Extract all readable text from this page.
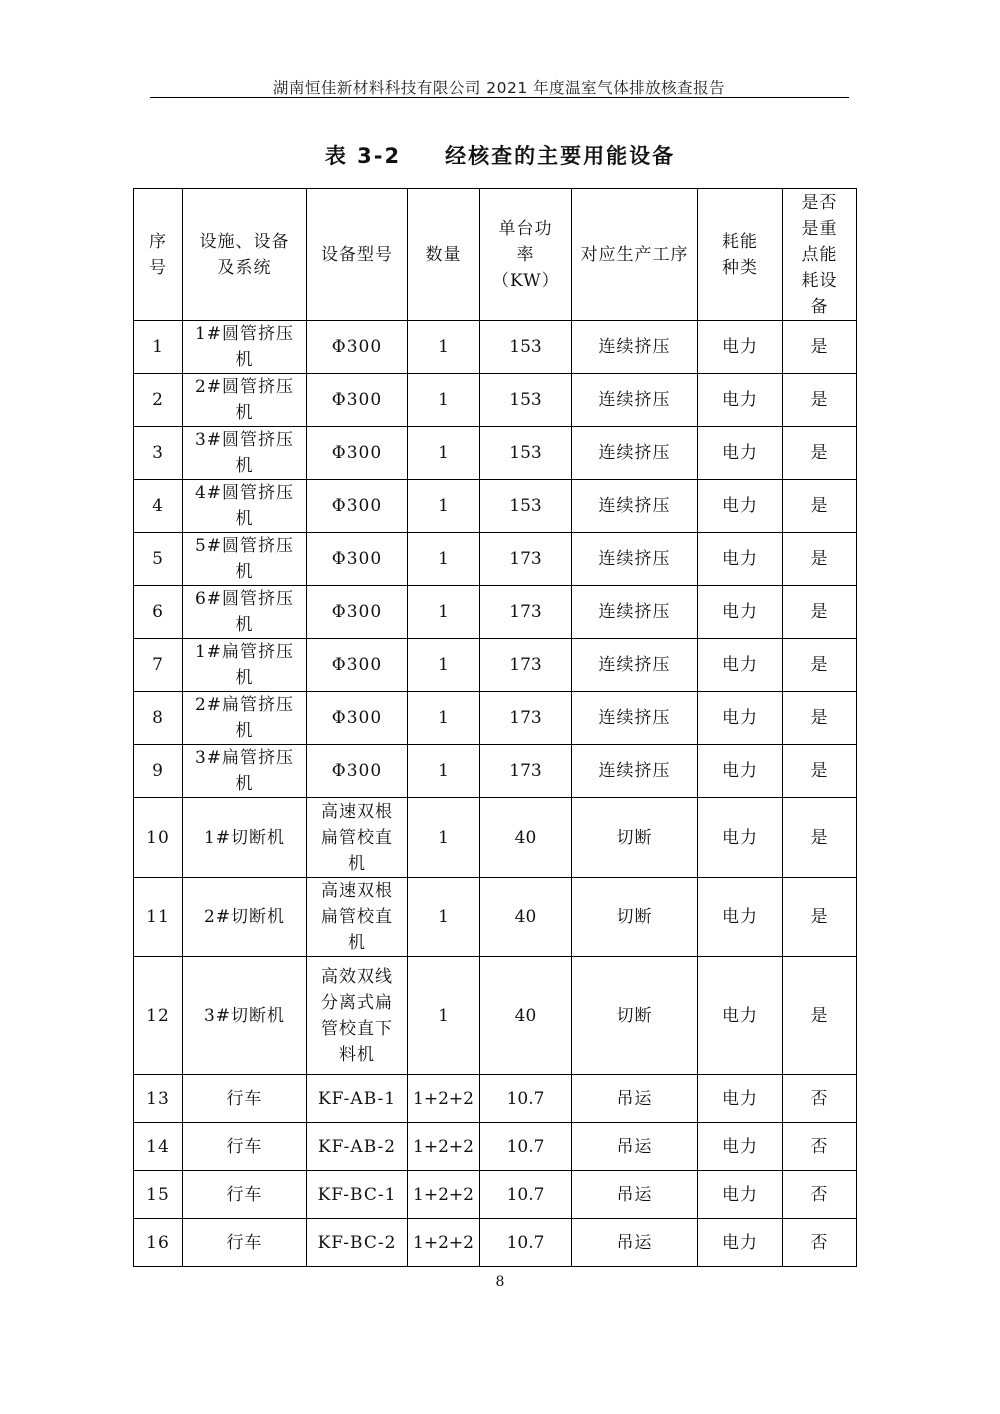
湖南恒佳新材料科技有限公司 2021 年度温室气体排放核查报告
表 3-2 经核查的主要用能设备
序号	设施、设备及系统	设备型号	数量	单台功率（KW）	对应生产工序	耗能种类	是否是重点能耗设备
1	1#圆管挤压机	Φ300	1	153	连续挤压	电力	是
2	2#圆管挤压机	Φ300	1	153	连续挤压	电力	是
3	3#圆管挤压机	Φ300	1	153	连续挤压	电力	是
4	4#圆管挤压机	Φ300	1	153	连续挤压	电力	是
5	5#圆管挤压机	Φ300	1	173	连续挤压	电力	是
6	6#圆管挤压机	Φ300	1	173	连续挤压	电力	是
7	1#扁管挤压机	Φ300	1	173	连续挤压	电力	是
8	2#扁管挤压机	Φ300	1	173	连续挤压	电力	是
9	3#扁管挤压机	Φ300	1	173	连续挤压	电力	是
10	1#切断机	高速双根扁管校直机	1	40	切断	电力	是
11	2#切断机	高速双根扁管校直机	1	40	切断	电力	是
12	3#切断机	高效双线分离式扁管校直下料机	1	40	切断	电力	是
13	行车	KF-AB-1	1+2+2	10.7	吊运	电力	否
14	行车	KF-AB-2	1+2+2	10.7	吊运	电力	否
15	行车	KF-BC-1	1+2+2	10.7	吊运	电力	否
16	行车	KF-BC-2	1+2+2	10.7	吊运	电力	否
8
